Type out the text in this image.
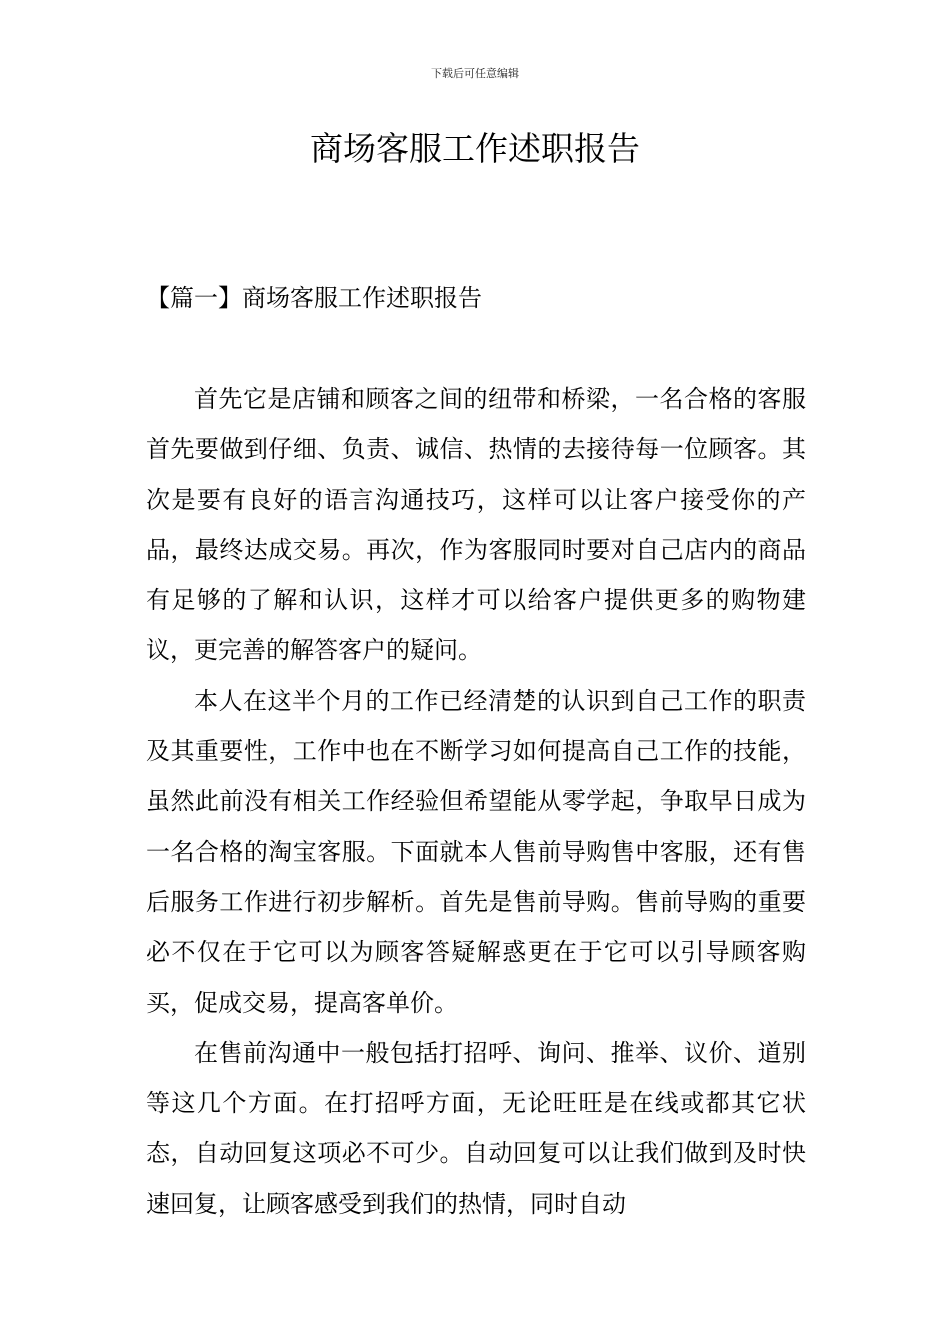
下载后可任意编辑
商场客服工作述职报告
【篇一】商场客服工作述职报告

首先它是店铺和顾客之间的纽带和桥梁，一名合格的客服首先要做到仔细、负责、诚信、热情的去接待每一位顾客。其次是要有良好的语言沟通技巧，这样可以让客户接受你的产品，最终达成交易。再次，作为客服同时要对自己店内的商品有足够的了解和认识，这样才可以给客户提供更多的购物建议，更完善的解答客户的疑问。

本人在这半个月的工作已经清楚的认识到自己工作的职责及其重要性，工作中也在不断学习如何提高自己工作的技能，虽然此前没有相关工作经验但希望能从零学起，争取早日成为一名合格的淘宝客服。下面就本人售前导购售中客服，还有售后服务工作进行初步解析。首先是售前导购。售前导购的重要必不仅在于它可以为顾客答疑解惑更在于它可以引导顾客购买，促成交易，提高客单价。

在售前沟通中一般包括打招呼、询问、推举、议价、道别等这几个方面。在打招呼方面，无论旺旺是在线或都其它状态，自动回复这项必不可少。自动回复可以让我们做到及时快速回复，让顾客感受到我们的热情，同时自动
